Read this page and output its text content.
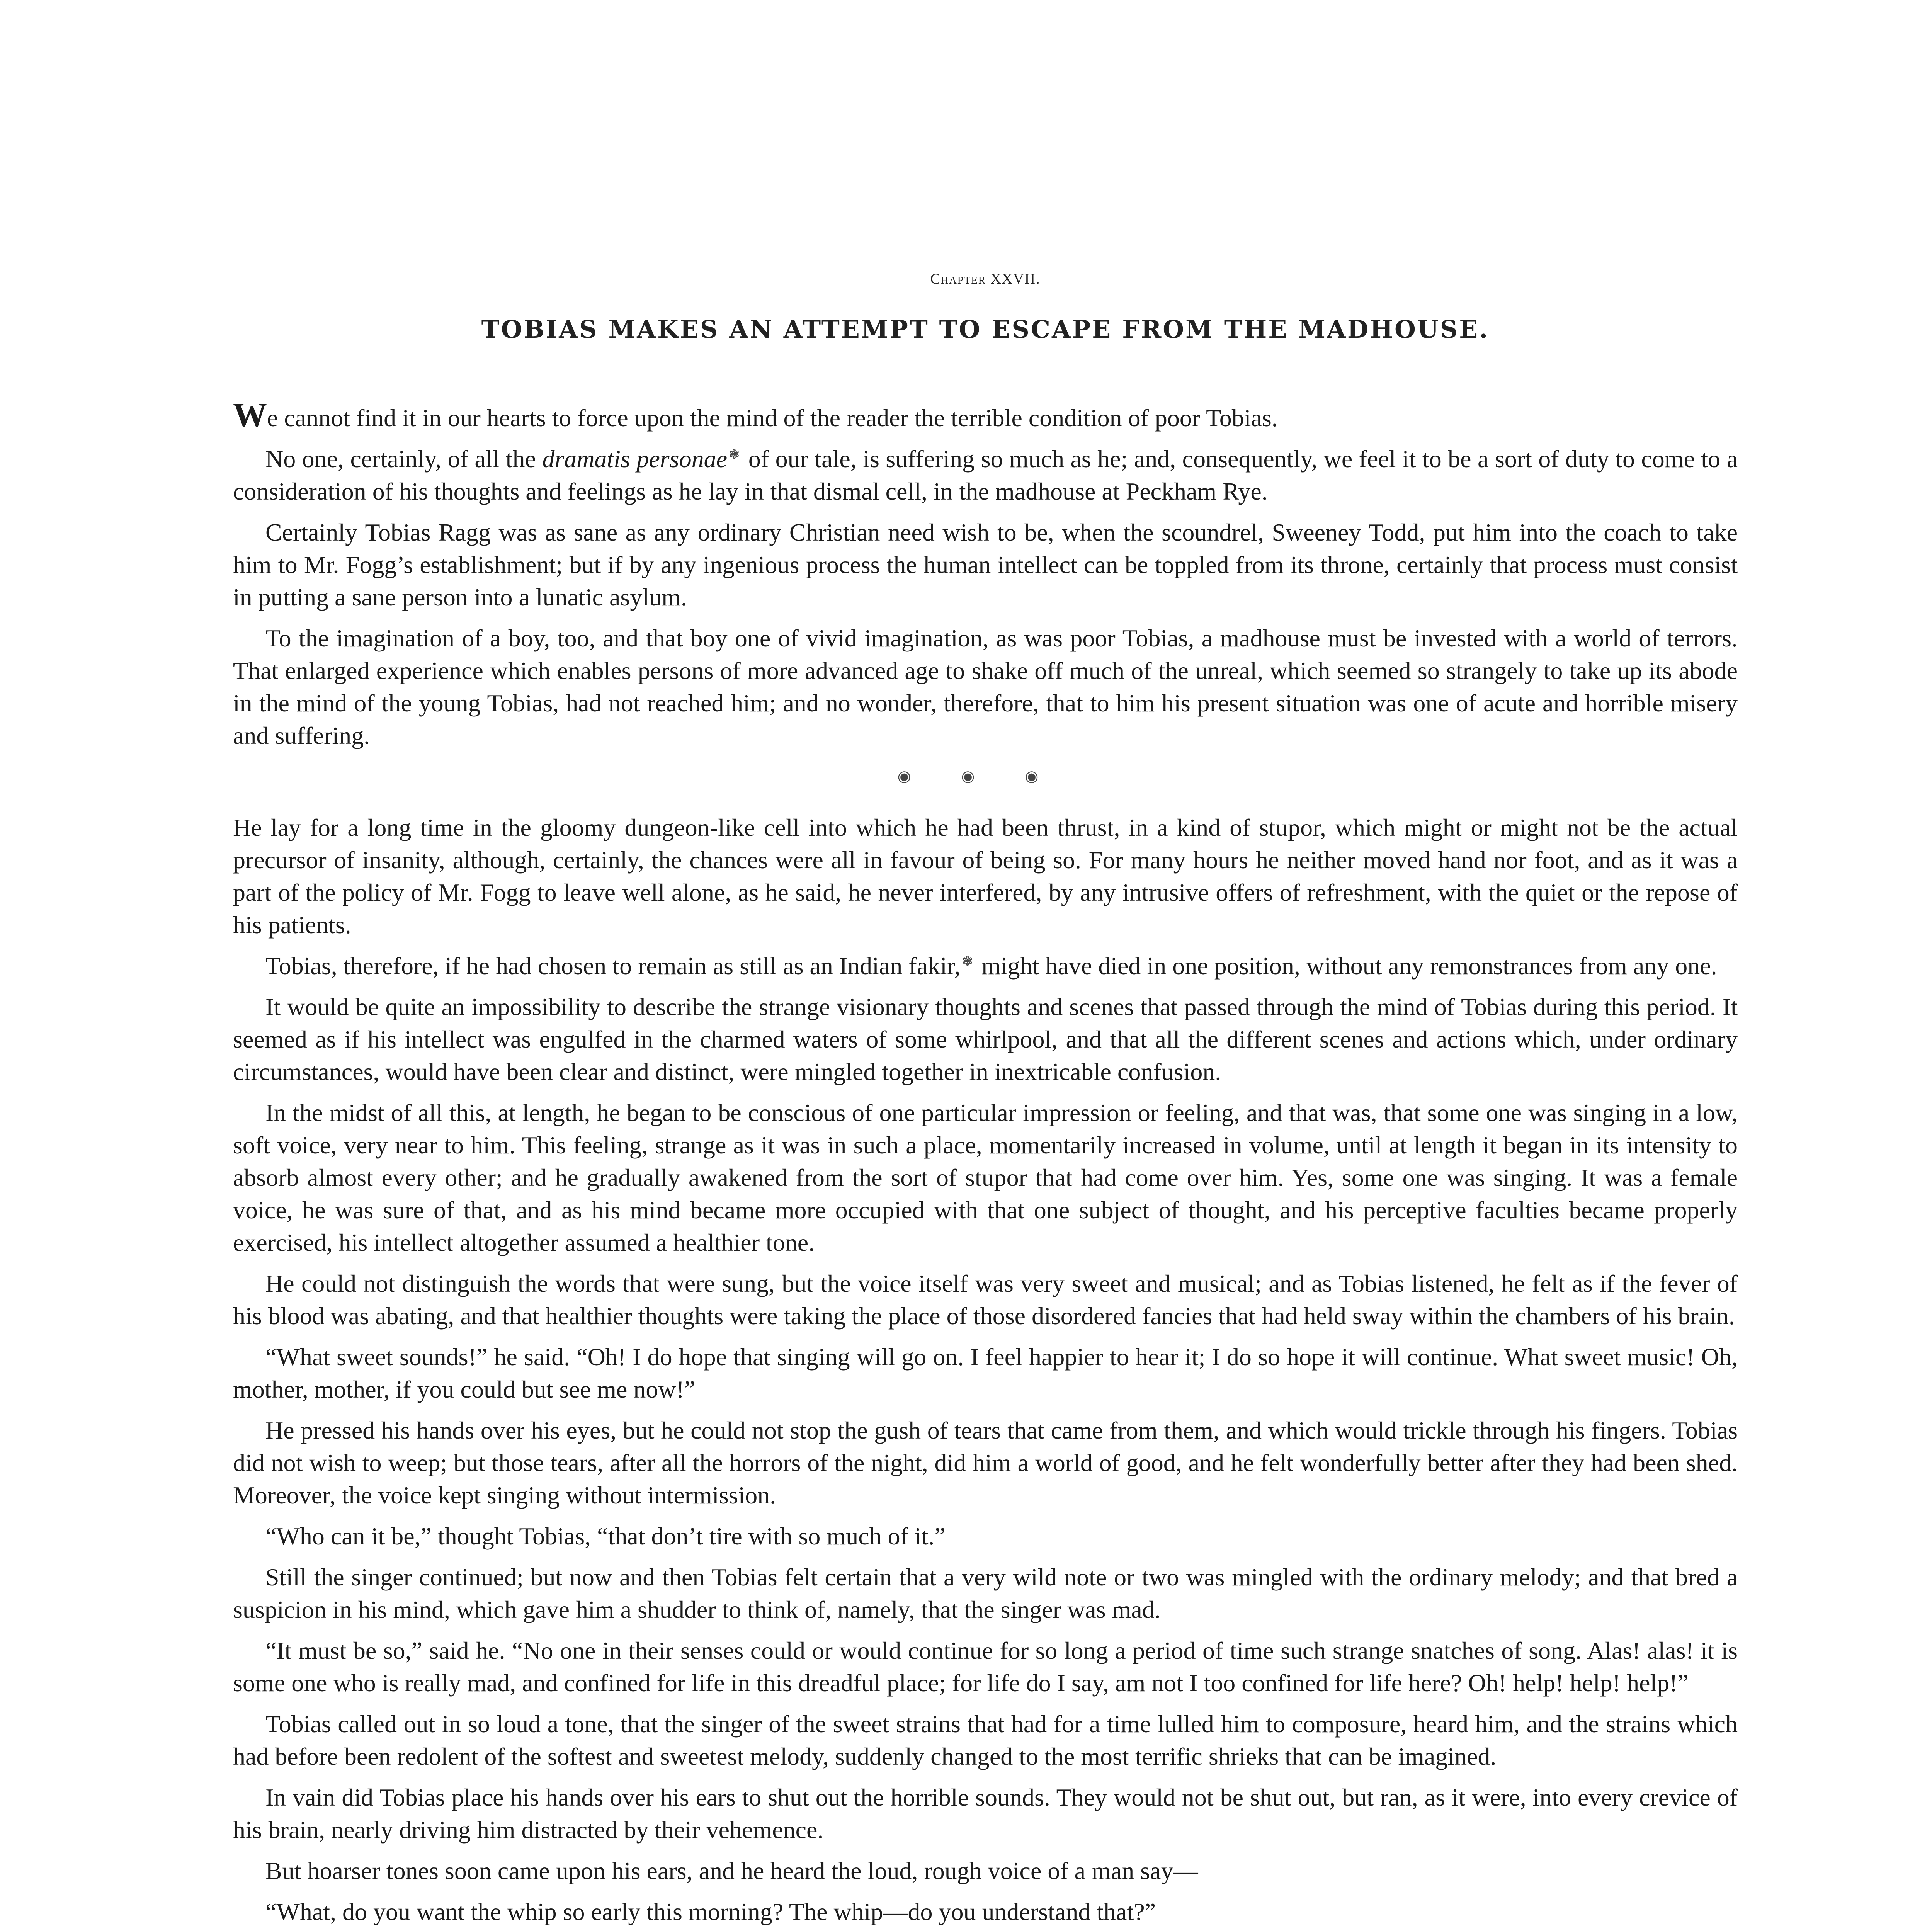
Chapter XXVII.
TOBIAS MAKES AN ATTEMPT TO ESCAPE FROM THE MADHOUSE.

We cannot find it in our hearts to force upon the mind of the reader the terrible condition of poor Tobias.

No one, certainly, of all the dramatis personae ❃ of our tale, is suffering so much as he; and, consequently, we feel it to be a sort of duty to come to a consideration of his thoughts and feelings as he lay in that dismal cell, in the madhouse at Peckham Rye.

Certainly Tobias Ragg was as sane as any ordinary Christian need wish to be, when the scoundrel, Sweeney Todd, put him into the coach to take him to Mr. Fogg’s establishment; but if by any ingenious process the human intellect can be toppled from its throne, certainly that process must consist in putting a sane person into a lunatic asylum.

To the imagination of a boy, too, and that boy one of vivid imagination, as was poor Tobias, a madhouse must be invested with a world of terrors. That enlarged experience which enables persons of more advanced age to shake off much of the unreal, which seemed so strangely to take up its abode in the mind of the young Tobias, had not reached him; and no wonder, therefore, that to him his present situation was one of acute and horrible misery and suffering.

◉ ◉ ◉

He lay for a long time in the gloomy dungeon-like cell into which he had been thrust, in a kind of stupor, which might or might not be the actual precursor of insanity, although, certainly, the chances were all in favour of being so. For many hours he neither moved hand nor foot, and as it was a part of the policy of Mr. Fogg to leave well alone, as he said, he never interfered, by any intrusive offers of refreshment, with the quiet or the repose of his patients.

Tobias, therefore, if he had chosen to remain as still as an Indian fakir, ❃ might have died in one position, without any remonstrances from any one.

It would be quite an impossibility to describe the strange visionary thoughts and scenes that passed through the mind of Tobias during this period. It seemed as if his intellect was engulfed in the charmed waters of some whirlpool, and that all the different scenes and actions which, under ordinary circumstances, would have been clear and distinct, were mingled together in inextricable confusion.

In the midst of all this, at length, he began to be conscious of one particular impression or feeling, and that was, that some one was singing in a low, soft voice, very near to him. This feeling, strange as it was in such a place, momentarily increased in volume, until at length it began in its intensity to absorb almost every other; and he gradually awakened from the sort of stupor that had come over him. Yes, some one was singing. It was a female voice, he was sure of that, and as his mind became more occupied with that one subject of thought, and his perceptive faculties became properly exercised, his intellect altogether assumed a healthier tone.

He could not distinguish the words that were sung, but the voice itself was very sweet and musical; and as Tobias listened, he felt as if the fever of his blood was abating, and that healthier thoughts were taking the place of those disordered fancies that had held sway within the chambers of his brain.

“What sweet sounds!” he said. “Oh! I do hope that singing will go on. I feel happier to hear it; I do so hope it will continue. What sweet music! Oh, mother, mother, if you could but see me now!”

He pressed his hands over his eyes, but he could not stop the gush of tears that came from them, and which would trickle through his fingers. Tobias did not wish to weep; but those tears, after all the horrors of the night, did him a world of good, and he felt wonderfully better after they had been shed. Moreover, the voice kept singing without intermission.

“Who can it be,” thought Tobias, “that don’t tire with so much of it.”

Still the singer continued; but now and then Tobias felt certain that a very wild note or two was mingled with the ordinary melody; and that bred a suspicion in his mind, which gave him a shudder to think of, namely, that the singer was mad.

“It must be so,” said he. “No one in their senses could or would continue for so long a period of time such strange snatches of song. Alas! alas! it is some one who is really mad, and confined for life in this dreadful place; for life do I say, am not I too confined for life here? Oh! help! help! help!”

Tobias called out in so loud a tone, that the singer of the sweet strains that had for a time lulled him to composure, heard him, and the strains which had before been redolent of the softest and sweetest melody, suddenly changed to the most terrific shrieks that can be imagined.

In vain did Tobias place his hands over his ears to shut out the horrible sounds. They would not be shut out, but ran, as it were, into every crevice of his brain, nearly driving him distracted by their vehemence.

But hoarser tones soon came upon his ears, and he heard the loud, rough voice of a man say—

“What, do you want the whip so early this morning? The whip—do you understand that?”
